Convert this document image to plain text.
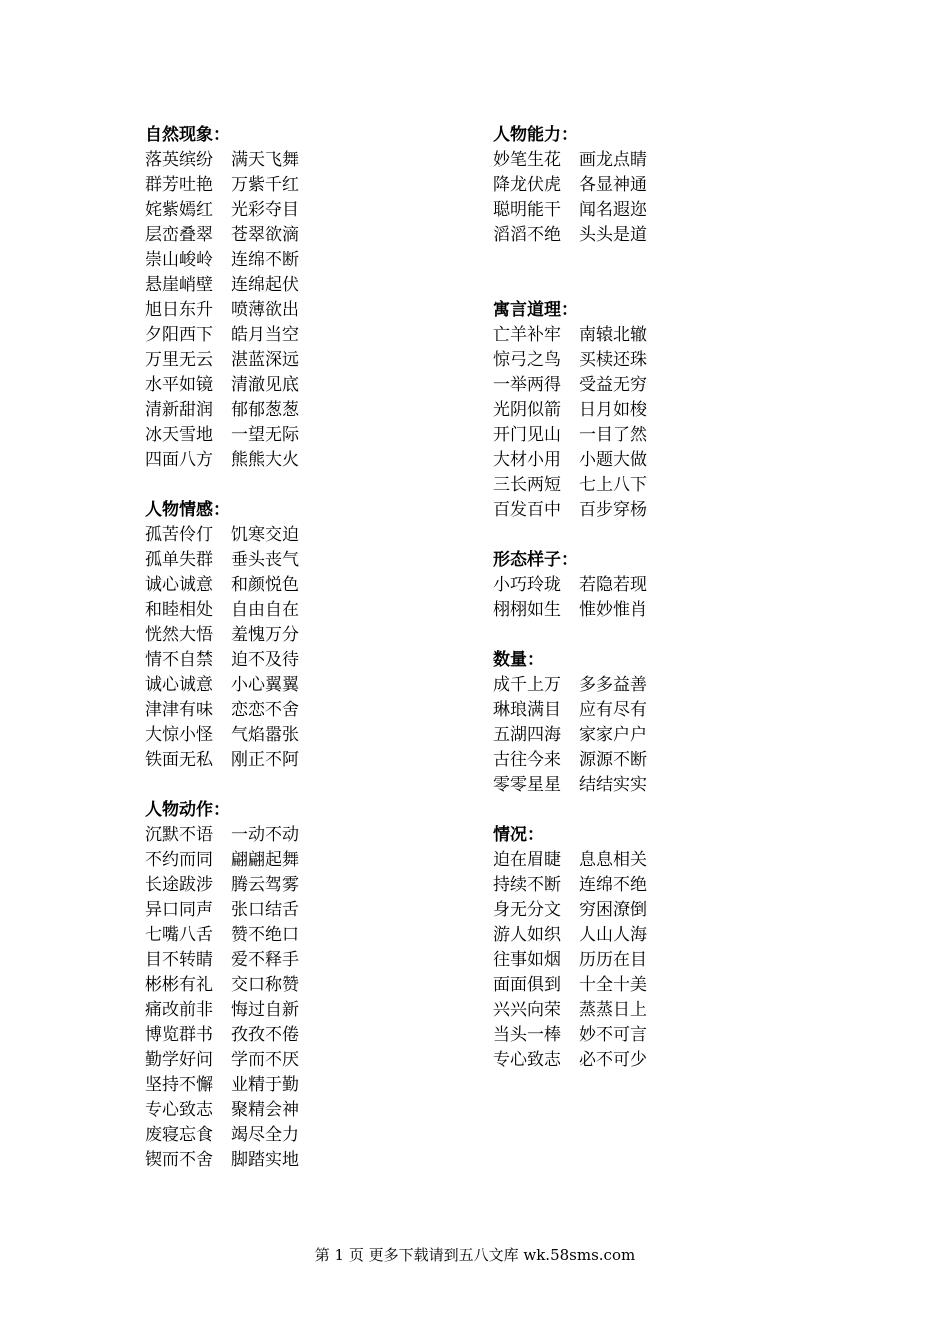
自然现象：
落英缤纷 满天飞舞
群芳吐艳 万紫千红
姹紫嫣红 光彩夺目
层峦叠翠 苍翠欲滴
崇山峻岭 连绵不断
悬崖峭壁 连绵起伏
旭日东升 喷薄欲出
夕阳西下 皓月当空
万里无云 湛蓝深远
水平如镜 清澈见底
清新甜润 郁郁葱葱
冰天雪地 一望无际
四面八方 熊熊大火
人物情感：
孤苦伶仃 饥寒交迫
孤单失群 垂头丧气
诚心诚意 和颜悦色
和睦相处 自由自在
恍然大悟 羞愧万分
情不自禁 迫不及待
诚心诚意 小心翼翼
津津有味 恋恋不舍
大惊小怪 气焰嚣张
铁面无私 刚正不阿
人物动作：
沉默不语 一动不动
不约而同 翩翩起舞
长途跋涉 腾云驾雾
异口同声 张口结舌
七嘴八舌 赞不绝口
目不转睛 爱不释手
彬彬有礼 交口称赞
痛改前非 悔过自新
博览群书 孜孜不倦
勤学好问 学而不厌
坚持不懈 业精于勤
专心致志 聚精会神
废寝忘食 竭尽全力
锲而不舍 脚踏实地
人物能力：
妙笔生花 画龙点睛
降龙伏虎 各显神通
聪明能干 闻名遐迩
滔滔不绝 头头是道
寓言道理：
亡羊补牢 南辕北辙
惊弓之鸟 买椟还珠
一举两得 受益无穷
光阴似箭 日月如梭
开门见山 一目了然
大材小用 小题大做
三长两短 七上八下
百发百中 百步穿杨
形态样子：
小巧玲珑 若隐若现
栩栩如生 惟妙惟肖
数量：
成千上万 多多益善
琳琅满目 应有尽有
五湖四海 家家户户
古往今来 源源不断
零零星星 结结实实
情况：
迫在眉睫 息息相关
持续不断 连绵不绝
身无分文 穷困潦倒
游人如织 人山人海
往事如烟 历历在目
面面俱到 十全十美
兴兴向荣 蒸蒸日上
当头一棒 妙不可言
专心致志 必不可少
第 1 页 更多下载请到五八文库 wk.58sms.com
